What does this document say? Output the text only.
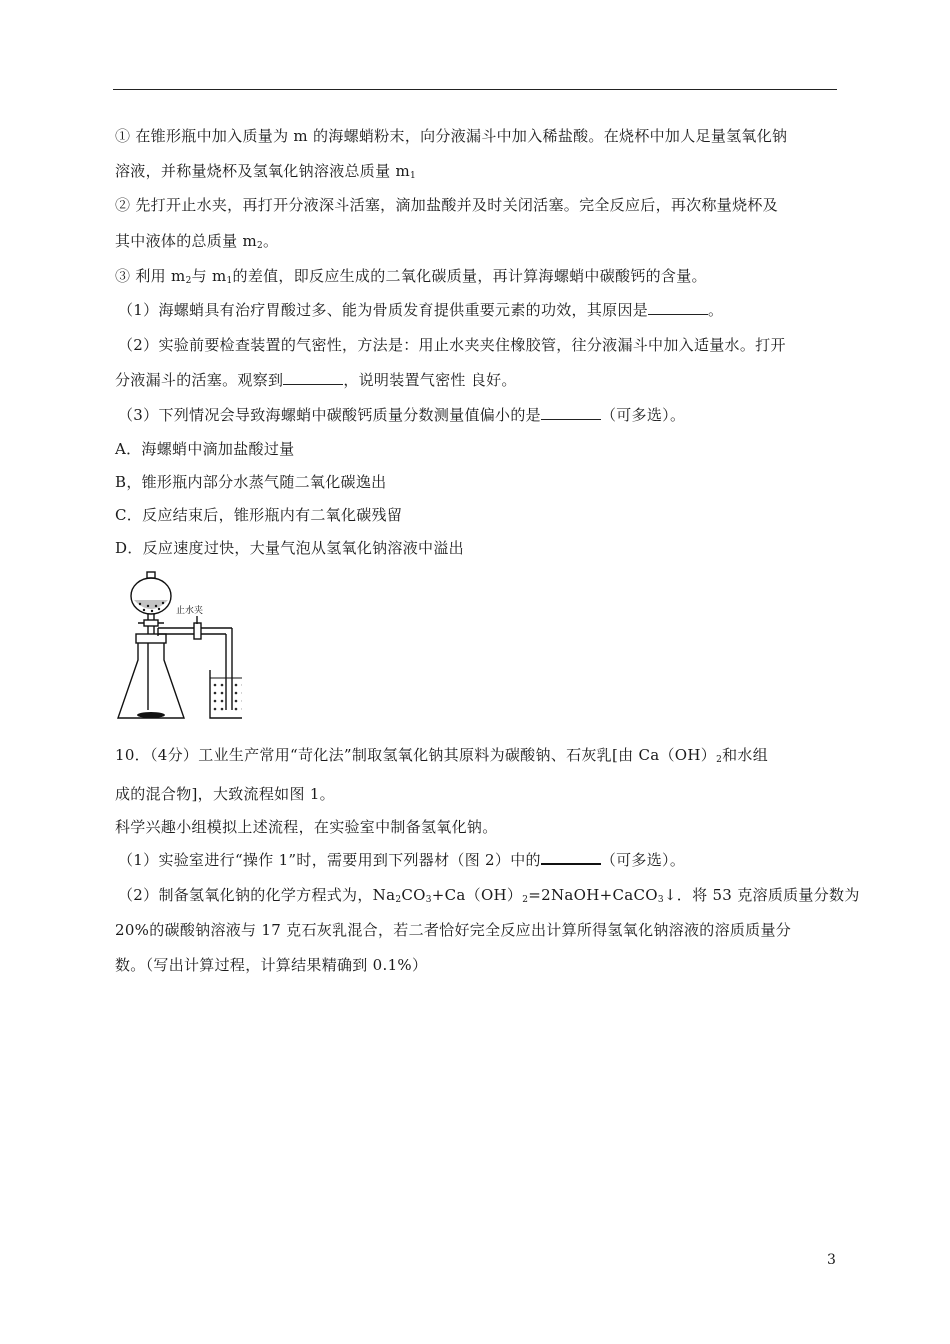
① 在锥形瓶中加入质量为 m 的海螺蛸粉末，向分液漏斗中加入稀盐酸。在烧杯中加人足量氢氧化钠
溶液，并称量烧杯及氢氧化钠溶液总质量 $m_1$
② 先打开止水夹，再打开分液深斗活塞，滴加盐酸并及时关闭活塞。完全反应后，再次称量烧杯及
其中液体的总质量 $m_2$。
③ 利用 $m_2$与 $m_1$的差值，即反应生成的二氧化碳质量，再计算海螺蛸中碳酸钙的含量。
（1）海螺蛸具有治疗胃酸过多、能为骨质发育提供重要元素的功效，其原因是	。
（2）实验前要检查装置的气密性，方法是：用止水夹夹住橡胶管，往分液漏斗中加入适量水。打开
分液漏斗的活塞。观察到	，说明装置气密性 良好。
（3）下列情况会导致海螺蛸中碳酸钙质量分数测量值偏小的是	（可多选）。
A．海螺蛸中滴加盐酸过量
B，锥形瓶内部分水蒸气随二氧化碳逸出
C．反应结束后，锥形瓶内有二氧化碳残留
D．反应速度过快，大量气泡从氢氧化钠溶液中溢出
止水夹
10．（4分）工业生产常用“苛化法”制取氢氧化钠其原料为碳酸钠、石灰乳[由 $Ca(OH)_2$和水组
成的混合物]，大致流程如图 1。
科学兴趣小组模拟上述流程，在实验室中制备氢氧化钠。
（1）实验室进行“操作 1”时，需要用到下列器材（图 2）中的	（可多选）。
（2）制备氢氧化钠的化学方程式为，$Na_2CO_3+Ca(OH)_2=2NaOH+CaCO_3↓$．将 53 克溶质质量分数为
20%的碳酸钠溶液与 17 克石灰乳混合，若二者恰好完全反应出计算所得氢氧化钠溶液的溶质质量分
数。（写出计算过程，计算结果精确到 0.1%）
3
